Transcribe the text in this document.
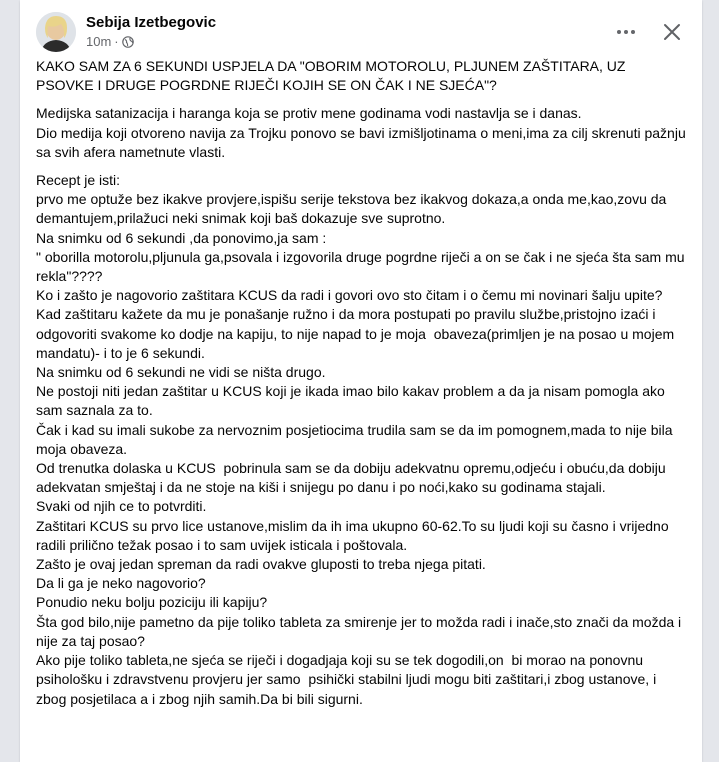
Sebija Izetbegovic
10m ·

KAKO SAM ZA 6 SEKUNDI USPJELA DA "OBORIM MOTOROLU, PLJUNEM ZAŠTITARA, UZ PSOVKE I DRUGE POGRDNE RIJEČI KOJIH SE ON ČAK I NE SJEĆA"?

Medijska satanizacija i haranga koja se protiv mene godinama vodi nastavlja se i danas.
Dio medija koji otvoreno navija za Trojku ponovo se bavi izmišljotinama o meni,ima za cilj skrenuti pažnju sa svih afera nametnute vlasti.

Recept je isti:
prvo me optuže bez ikakve provjere,ispišu serije tekstova bez ikakvog dokaza,a onda me,kao,zovu da demantujem,prilažuci neki snimak koji baš dokazuje sve suprotno.
Na snimku od 6 sekundi ,da ponovimo,ja sam :
" oborilla motorolu,pljunula ga,psovala i izgovorila druge pogrdne riječi a on se čak i ne sjeća šta sam mu rekla"????
Ko i zašto je nagovorio zaštitara KCUS da radi i govori ovo sto čitam i o čemu mi novinari šalju upite?
Kad zaštitaru kažete da mu je ponašanje ružno i da mora postupati po pravilu službe,pristojno izaći i odgovoriti svakome ko dodje na kapiju, to nije napad to je moja  obaveza(primljen je na posao u mojem mandatu)- i to je 6 sekundi.
Na snimku od 6 sekundi ne vidi se ništa drugo.
Ne postoji niti jedan zaštitar u KCUS koji je ikada imao bilo kakav problem a da ja nisam pomogla ako sam saznala za to.
Čak i kad su imali sukobe za nervoznim posjetiocima trudila sam se da im pomognem,mada to nije bila moja obaveza.
Od trenutka dolaska u KCUS  pobrinula sam se da dobiju adekvatnu opremu,odjeću i obuću,da dobiju adekvatan smještaj i da ne stoje na kiši i snijegu po danu i po noći,kako su godinama stajali.
Svaki od njih ce to potvrditi.
Zaštitari KCUS su prvo lice ustanove,mislim da ih ima ukupno 60-62.To su ljudi koji su časno i vrijedno radili prilično težak posao i to sam uvijek isticala i poštovala.
Zašto je ovaj jedan spreman da radi ovakve gluposti to treba njega pitati.
Da li ga je neko nagovorio?
Ponudio neku bolju poziciju ili kapiju?
Šta god bilo,nije pametno da pije toliko tableta za smirenje jer to možda radi i inače,sto znači da možda i  nije za taj posao?
Ako pije toliko tableta,ne sjeća se riječi i dogadjaja koji su se tek dogodili,on  bi morao na ponovnu psihološku i zdravstvenu provjeru jer samo  psihički stabilni ljudi mogu biti zaštitari,i zbog ustanove, i zbog posjetilaca a i zbog njih samih.Da bi bili sigurni.
